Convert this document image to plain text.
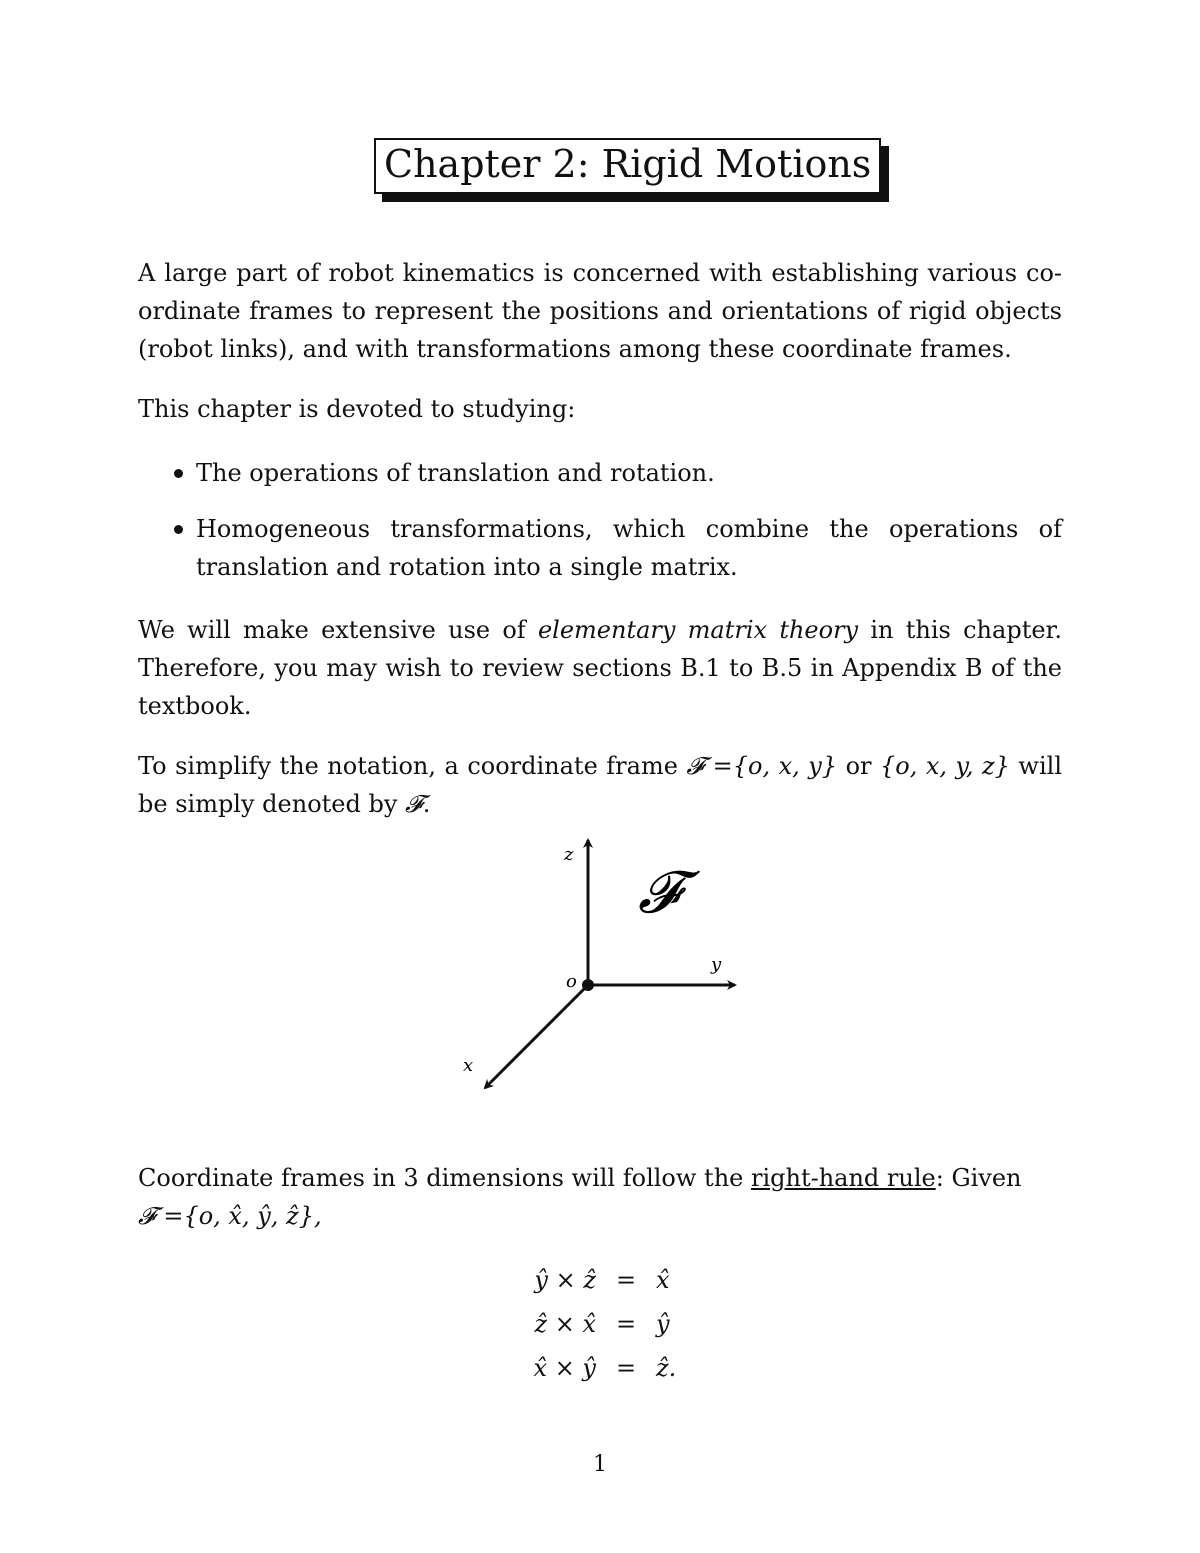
Chapter 2: Rigid Motions
A large part of robot kinematics is concerned with establishing various co-ordinate frames to represent the positions and orientations of rigid objects (robot links), and with transformations among these coordinate frames.
This chapter is devoted to studying:
The operations of translation and rotation.
Homogeneous transformations, which combine the operations of translation and rotation into a single matrix.
We will make extensive use of elementary matrix theory in this chapter. Therefore, you may wish to review sections B.1 to B.5 in Appendix B of the textbook.
To simplify the notation, a coordinate frame 𝓕 ={o, x, y} or {o, x, y, z} will be simply denoted by 𝓕.
z
y
x
o
𝓕
Coordinate frames in 3 dimensions will follow the right-hand rule: Given
𝓕 ={o, x̂, ŷ, ẑ},
ŷ × ẑ = x̂
ẑ × x̂ = ŷ
x̂ × ŷ = ẑ.
1
